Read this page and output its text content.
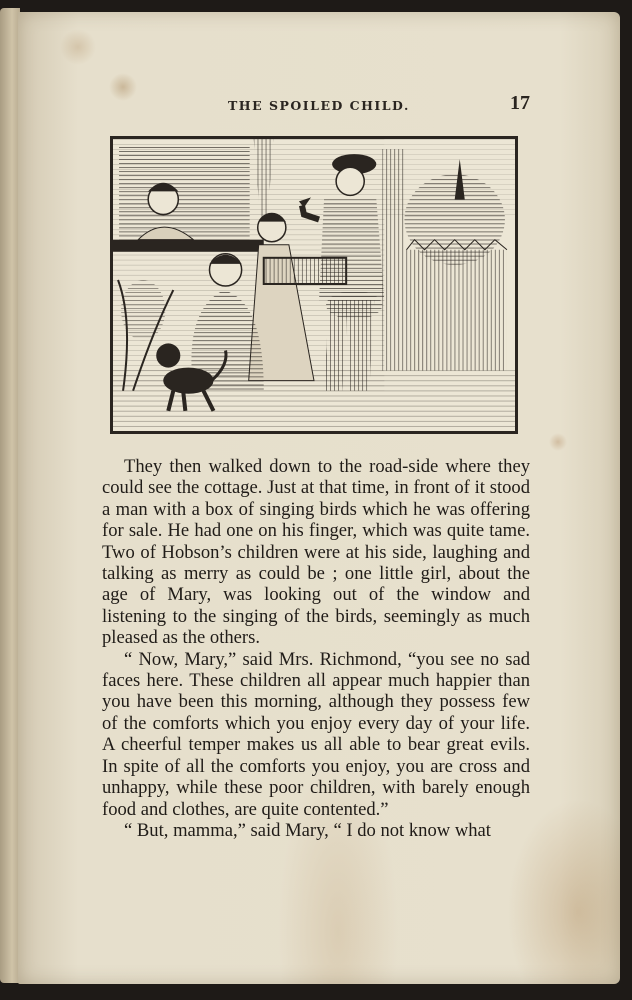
THE SPOILED CHILD.	17

They then walked down to the road-side where they could see the cottage. Just at that time, in front of it stood a man with a box of singing birds which he was offering for sale. He had one on his finger, which was quite tame. Two of Hobson’s children were at his side, laughing and talking as merry as could be ; one little girl, about the age of Mary, was looking out of the window and listening to the singing of the birds, seemingly as much pleased as the others.

“ Now, Mary,” said Mrs. Richmond, “you see no sad faces here. These children all appear much happier than you have been this morning, although they possess few of the comforts which you enjoy every day of your life. A cheerful temper makes us all able to bear great evils. In spite of all the comforts you enjoy, you are cross and unhappy, while these poor children, with barely enough food and clothes, are quite contented.”

“ But, mamma,” said Mary, “ I do not know what
